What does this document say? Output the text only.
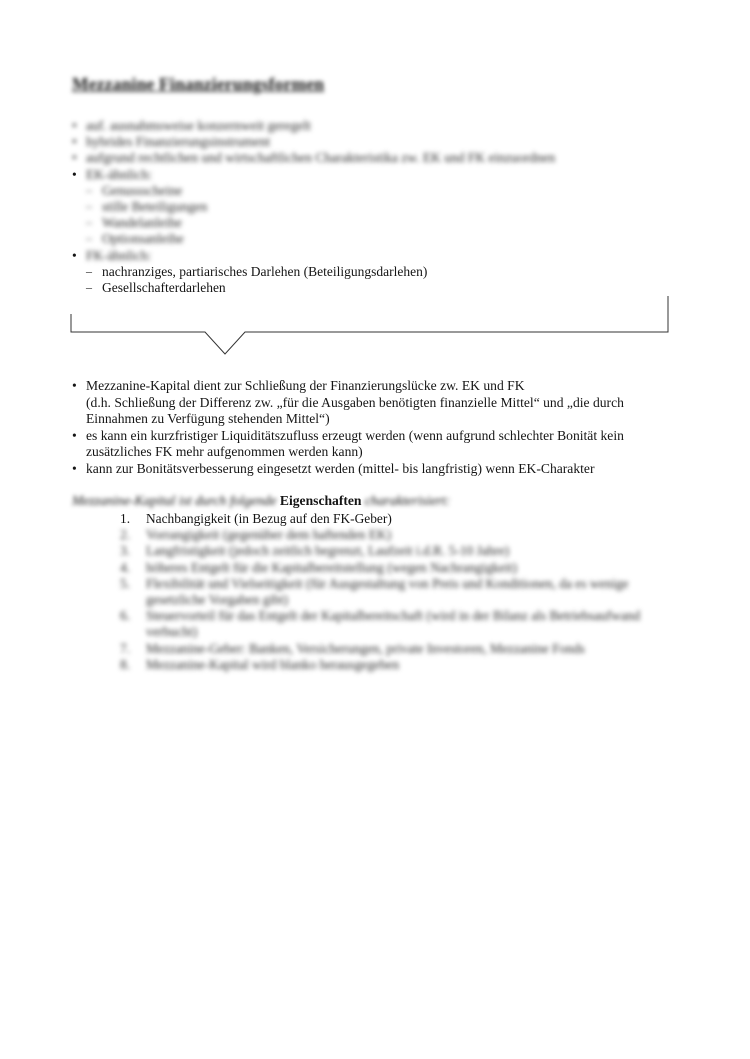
Mezzanine Finanzierungsformen
• auf. ausnahmsweise konzernweit geregelt
• hybrides Finanzierungsinstrument
• aufgrund rechtlichen und wirtschaftlichen Charakteristika zw. EK und FK einzuordnen
• EK-ähnlich:
– Genussscheine
– stille Beteiligungen
– Wandelanleihe
– Optionsanleihe
• FK-ähnlich:
– nachranziges, partiarisches Darlehen (Beteiligungsdarlehen)
– Gesellschafterdarlehen
• Mezzanine-Kapital dient zur Schließung der Finanzierungslücke zw. EK und FK
(d.h. Schließung der Differenz zw. „für die Ausgaben benötigten finanzielle Mittel“ und „die durch Einnahmen zu Verfügung stehenden Mittel“)
• es kann ein kurzfristiger Liquiditätszufluss erzeugt werden (wenn aufgrund schlechter Bonität kein zusätzliches FK mehr aufgenommen werden kann)
• kann zur Bonitätsverbesserung eingesetzt werden (mittel- bis langfristig) wenn EK-Charakter
Mezzanine-Kapital ist durch folgende Eigenschaften charakterisiert:
1. Nachbangigkeit (in Bezug auf den FK-Geber)
2. Vorrangigkeit (gegenüber dem haftenden EK)
3. Langfristigkeit (jedoch zeitlich begrenzt, Laufzeit i.d.R. 5-10 Jahre)
4. höheres Entgelt für die Kapitalbereitstellung (wegen Nachrangigkeit)
5. Flexibilität und Vielseitigkeit (für Ausgestaltung von Preis und Konditionen, da es wenige gesetzliche Vorgaben gibt)
6. Steuervorteil für das Entgelt der Kapitalbereitschaft (wird in der Bilanz als Betriebsaufwand verbucht)
7. Mezzanine-Geber: Banken, Versicherungen, private Investoren, Mezzanine Fonds
8. Mezzanine-Kapital wird blanko herausgegeben
